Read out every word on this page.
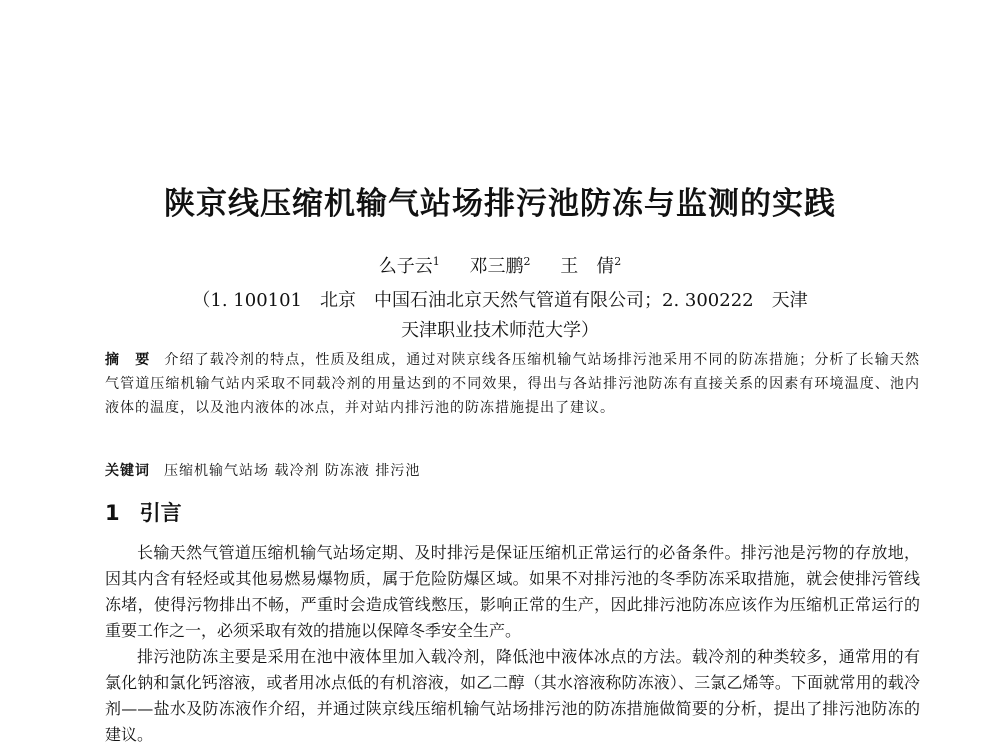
陕京线压缩机输气站场排污池防冻与监测的实践
么子云$^1$ 邓三鹏$^2$ 王　倩$^2$
（1. 100101　北京　中国石油北京天然气管道有限公司；2. 300222　天津
天津职业技术师范大学）
摘　要 介绍了载冷剂的特点，性质及组成，通过对陕京线各压缩机输气站场排污池采用不同的防冻措施；分析了长输天然气管道压缩机输气站内采取不同载冷剂的用量达到的不同效果，得出与各站排污池防冻有直接关系的因素有环境温度、池内液体的温度，以及池内液体的冰点，并对站内排污池的防冻措施提出了建议。
关键词 压缩机输气站场 载冷剂 防冻液 排污池
1 引言

长输天然气管道压缩机输气站场定期、及时排污是保证压缩机正常运行的必备条件。排污池是污物的存放地，因其内含有轻烃或其他易燃易爆物质，属于危险防爆区域。如果不对排污池的冬季防冻采取措施，就会使排污管线冻堵，使得污物排出不畅，严重时会造成管线憋压，影响正常的生产，因此排污池防冻应该作为压缩机正常运行的重要工作之一，必须采取有效的措施以保障冬季安全生产。

排污池防冻主要是采用在池中液体里加入载冷剂，降低池中液体冰点的方法。载冷剂的种类较多，通常用的有氯化钠和氯化钙溶液，或者用冰点低的有机溶液，如乙二醇（其水溶液称防冻液）、三氯乙烯等。下面就常用的载冷剂——盐水及防冻液作介绍，并通过陕京线压缩机输气站场排污池的防冻措施做简要的分析，提出了排污池防冻的建议。
